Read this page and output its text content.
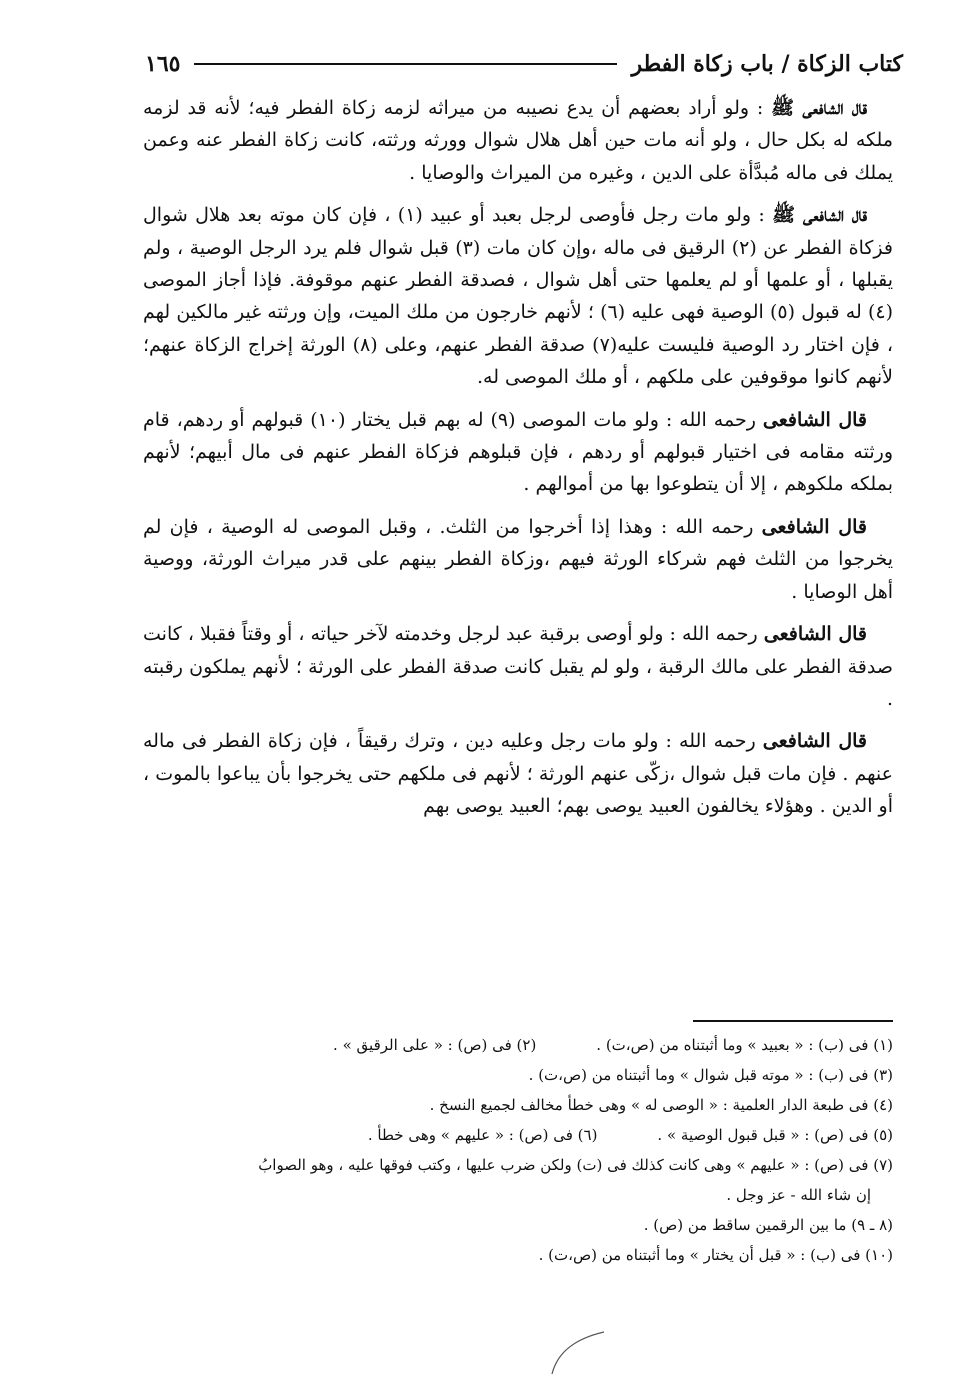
كتاب الزكاة / باب زكاة الفطر
١٦٥

قال الشافعى ﷺ : ولو أراد بعضهم أن يدع نصيبه من ميراثه لزمه زكاة الفطر فيه؛ لأنه قد لزمه ملكه له بكل حال ، ولو أنه مات حين أهل هلال شوال وورثه ورثته، كانت زكاة الفطر عنه وعمن يملك فى ماله مُبدَّأة على الدين ، وغيره من الميراث والوصايا .

قال الشافعى ﷺ : ولو مات رجل فأوصى لرجل بعبد أو عبيد (١) ، فإن كان موته بعد هلال شوال فزكاة الفطر عن (٢) الرقيق فى ماله ،وإن كان مات (٣) قبل شوال فلم يرد الرجل الوصية ، ولم يقبلها ، أو علمها أو لم يعلمها حتى أهل شوال ، فصدقة الفطر عنهم موقوفة. فإذا أجاز الموصى (٤) له قبول (٥) الوصية فهى عليه (٦) ؛ لأنهم خارجون من ملك الميت، وإن ورثته غير مالكين لهم ، فإن اختار رد الوصية فليست عليه(٧) صدقة الفطر عنهم، وعلى (٨) الورثة إخراج الزكاة عنهم؛ لأنهم كانوا موقوفين على ملكهم ، أو ملك الموصى له.

قال الشافعى رحمه الله : ولو مات الموصى (٩) له بهم قبل يختار (١٠) قبولهم أو ردهم، قام ورثته مقامه فى اختيار قبولهم أو ردهم ، فإن قبلوهم فزكاة الفطر عنهم فى مال أبيهم؛ لأنهم بملكه ملكوهم ، إلا أن يتطوعوا بها من أموالهم .

قال الشافعى رحمه الله : وهذا إذا أخرجوا من الثلث. ، وقبل الموصى له الوصية ، فإن لم يخرجوا من الثلث فهم شركاء الورثة فيهم ،وزكاة الفطر بينهم على قدر ميراث الورثة، ووصية أهل الوصايا .

قال الشافعى رحمه الله : ولو أوصى برقبة عبد لرجل وخدمته لآخر حياته ، أو وقتاً فقبلا ، كانت صدقة الفطر على مالك الرقبة ، ولو لم يقبل كانت صدقة الفطر على الورثة ؛ لأنهم يملكون رقبته .

قال الشافعى رحمه الله : ولو مات رجل وعليه دين ، وترك رقيقاً ، فإن زكاة الفطر فى ماله عنهم . فإن مات قبل شوال ،زكّى عنهم الورثة ؛ لأنهم فى ملكهم حتى يخرجوا بأن يباعوا بالموت ، أو الدين . وهؤلاء يخالفون العبيد يوصى بهم؛ العبيد يوصى بهم

(١) فى (ب) : « بعبيد » وما أثبتناه من (ص،ت) .
(٢) فى (ص) : « على الرقيق » .
(٣) فى (ب) : « موته قبل شوال » وما أثبتناه من (ص،ت) .
(٤) فى طبعة الدار العلمية : « الوصى له » وهى خطأ مخالف لجميع النسخ .
(٥) فى (ص) : « قبل قبول الوصية » .
(٦) فى (ص) : « عليهم » وهى خطأ .
(٧) فى (ص) : « عليهم » وهى كانت كذلك فى (ت) ولكن ضرب عليها ، وكتب فوقها عليه ، وهو الصوابُ
إن شاء الله - عز وجل .
(٨ ـ ٩) ما بين الرقمين ساقط من (ص) .
(١٠) فى (ب) : « قبل أن يختار » وما أثبتناه من (ص،ت) .
